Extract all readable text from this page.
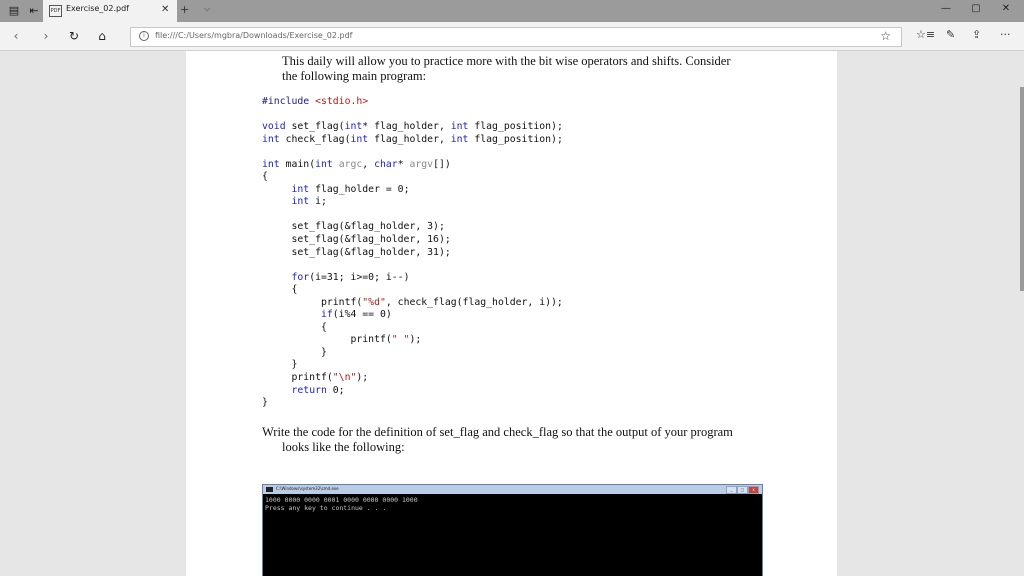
▤ ⇤	PDF Exercise_02.pdf	✕ + ⌵	—	▢	✕
‹	›	↻	⌂	i
file:///C:/Users/mgbra/Downloads/Exercise_02.pdf	☆ ☆≡ ✎ ⇪ ···
This daily will allow you to practice more with the bit wise operators and shifts. Consider
the following main program:
#include <stdio.h>
void set_flag(int* flag_holder, int flag_position);
int check_flag(int flag_holder, int flag_position);
int main(int argc, char* argv[])
{
int flag_holder = 0;
int i;
set_flag(&flag_holder, 3);
set_flag(&flag_holder, 16);
set_flag(&flag_holder, 31);
for(i=31; i>=0; i--)
{
printf("%d", check_flag(flag_holder, i));
if(i%4 == 0)
{
printf(" ");
}
}
printf("\n");
return 0;
}
Write the code for the definition of set_flag and check_flag so that the output of your program
looks like the following:
C:\Windows\system32\cmd.exe	_	□	x
1000 0000 0000 0001 0000 0000 0000 1000
Press any key to continue . . .
